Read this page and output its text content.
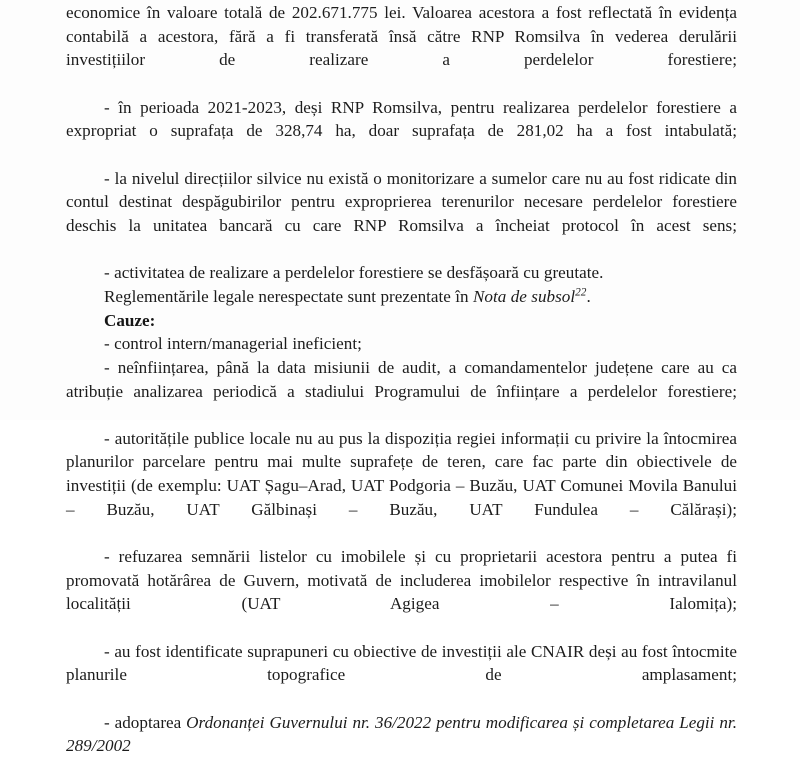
economice în valoare totală de 202.671.775 lei. Valoarea acestora a fost reflectată în evidența contabilă a acestora, fără a fi transferată însă către RNP Romsilva în vederea derulării investițiilor de realizare a perdelelor forestiere;

- în perioada 2021-2023, deși RNP Romsilva, pentru realizarea perdelelor forestiere a expropriat o suprafața de 328,74 ha, doar suprafața de 281,02 ha a fost intabulată;

- la nivelul direcțiilor silvice nu există o monitorizare a sumelor care nu au fost ridicate din contul destinat despăgubirilor pentru exproprierea terenurilor necesare perdelelor forestiere deschis la unitatea bancară cu care RNP Romsilva a încheiat protocol în acest sens;

- activitatea de realizare a perdelelor forestiere se desfășoară cu greutate.

Reglementările legale nerespectate sunt prezentate în Nota de subsol$^{22}$.

Cauze:

- control intern/managerial ineficient;

- neînființarea, până la data misiunii de audit, a comandamentelor județene care au ca atribuție analizarea periodică a stadiului Programului de înființare a perdelelor forestiere;

- autoritățile publice locale nu au pus la dispoziția regiei informații cu privire la întocmirea planurilor parcelare pentru mai multe suprafețe de teren, care fac parte din obiectivele de investiții (de exemplu: UAT Șagu–Arad, UAT Podgoria – Buzău, UAT Comunei Movila Banului – Buzău, UAT Gălbinași – Buzău, UAT Fundulea – Călărași);

- refuzarea semnării listelor cu imobilele și cu proprietarii acestora pentru a putea fi promovată hotărârea de Guvern, motivată de includerea imobilelor respective în intravilanul localității (UAT Agigea – Ialomița);

- au fost identificate suprapuneri cu obiective de investiții ale CNAIR deși au fost întocmite planurile topografice de amplasament;

- adoptarea Ordonanței Guvernului nr. 36/2022 pentru modificarea și completarea Legii nr. 289/2002
